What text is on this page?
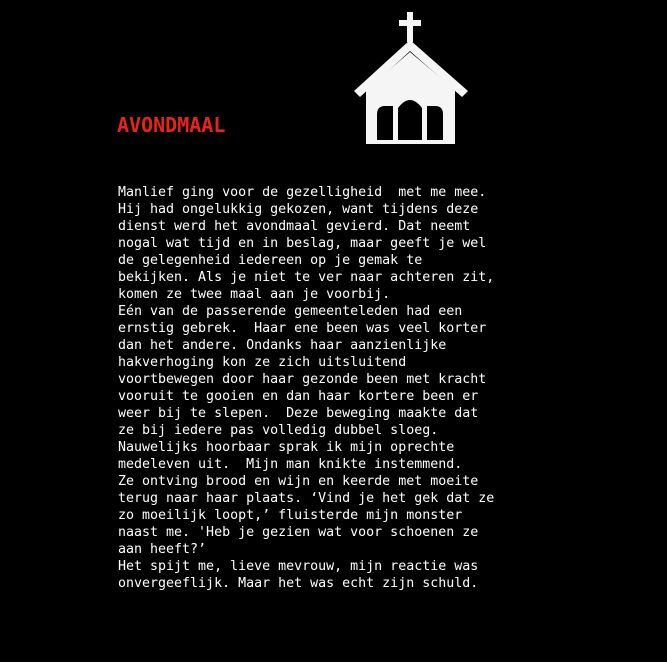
AVONDMAAL
Manlief ging voor de gezelligheid  met me mee.
Hij had ongelukkig gekozen, want tijdens deze
dienst werd het avondmaal gevierd. Dat neemt
nogal wat tijd en in beslag, maar geeft je wel
de gelegenheid iedereen op je gemak te
bekijken. Als je niet te ver naar achteren zit,
komen ze twee maal aan je voorbij.
Eén van de passerende gemeenteleden had een
ernstig gebrek.  Haar ene been was veel korter
dan het andere. Ondanks haar aanzienlijke
hakverhoging kon ze zich uitsluitend
voortbewegen door haar gezonde been met kracht
vooruit te gooien en dan haar kortere been er
weer bij te slepen.  Deze beweging maakte dat
ze bij iedere pas volledig dubbel sloeg.
Nauwelijks hoorbaar sprak ik mijn oprechte
medeleven uit.  Mijn man knikte instemmend.
Ze ontving brood en wijn en keerde met moeite
terug naar haar plaats. ‘Vind je het gek dat ze
zo moeilijk loopt,’ fluisterde mijn monster
naast me. 'Heb je gezien wat voor schoenen ze
aan heeft?’
Het spijt me, lieve mevrouw, mijn reactie was
onvergeeflijk. Maar het was echt zijn schuld.
